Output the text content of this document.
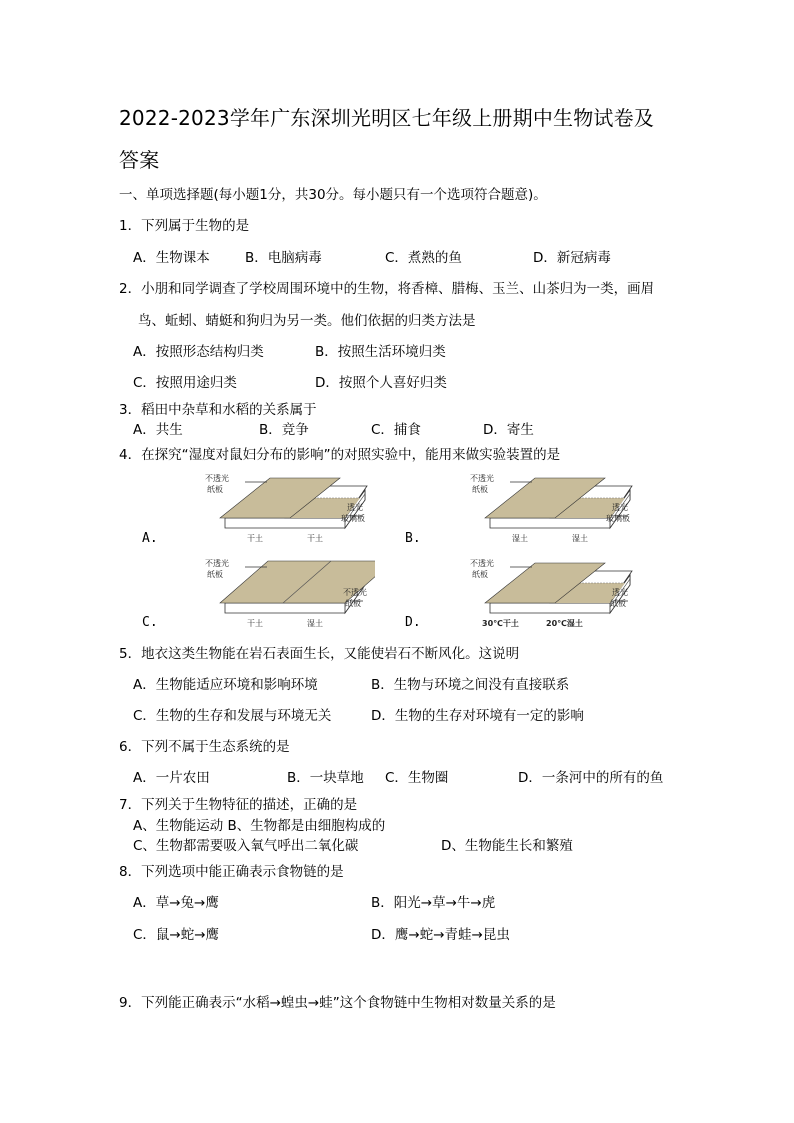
2022-2023学年广东深圳光明区七年级上册期中生物试卷及
答案
一、单项选择题(每小题1分，共30分。每小题只有一个选项符合题意)。
1．下列属于生物的是
A．生物课本	B．电脑病毒	C．煮熟的鱼	D．新冠病毒
2．小朋和同学调查了学校周围环境中的生物，将香樟、腊梅、玉兰、山茶归为一类，画眉
鸟、蚯蚓、蜻蜓和狗归为另一类。他们依据的归类方法是
A．按照形态结构归类	B．按照生活环境归类
C．按照用途归类	D．按照个人喜好归类
3．稻田中杂草和水稻的关系属于
A．共生	B．竞争	C．捕食	D．寄生
4．在探究“湿度对鼠妇分布的影响”的对照实验中，能用来做实验装置的是
A.
不透光
纸板
透光
玻璃板
干土	干土	B.
不透光
纸板
透光
玻璃板
湿土	湿土
C.
不透光
纸板
不透光
纸板
干土	湿土	D.
不透光
纸板
透光
纸板
30℃干土	20℃湿土
5．地衣这类生物能在岩石表面生长，又能使岩石不断风化。这说明
A．生物能适应环境和影响环境	B．生物与环境之间没有直接联系
C．生物的生存和发展与环境无关	D．生物的生存对环境有一定的影响
6．下列不属于生态系统的是
A．一片农田	B．一块草地 C．生物圈	D．一条河中的所有的鱼
7．下列关于生物特征的描述，正确的是
A、生物能运动 B、生物都是由细胞构成的
C、生物都需要吸入氧气呼出二氧化碳	D、生物能生长和繁殖
8．下列选项中能正确表示食物链的是
A．草→兔→鹰	B．阳光→草→牛→虎
C．鼠→蛇→鹰	D．鹰→蛇→青蛙→昆虫
9．下列能正确表示“水稻→蝗虫→蛙”这个食物链中生物相对数量关系的是
